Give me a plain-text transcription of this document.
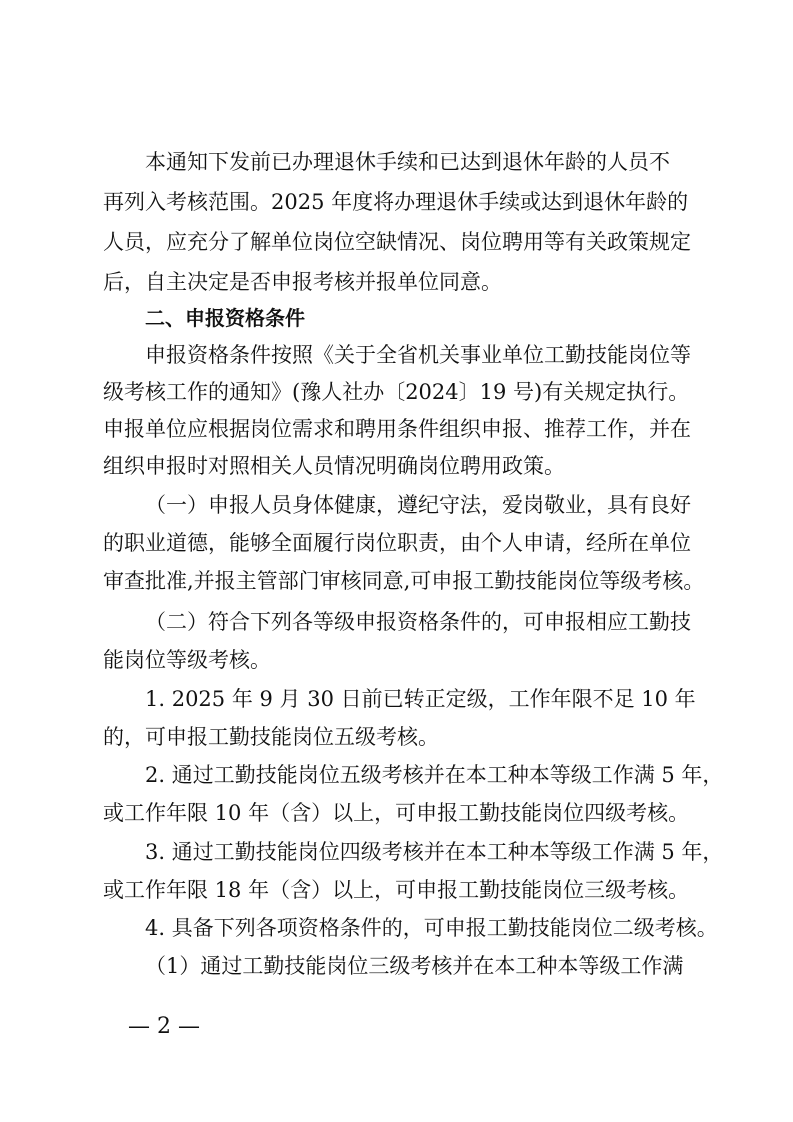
本通知下发前已办理退休手续和已达到退休年龄的人员不
再列入考核范围。2025 年度将办理退休手续或达到退休年龄的
人员，应充分了解单位岗位空缺情况、岗位聘用等有关政策规定
后，自主决定是否申报考核并报单位同意。
二、申报资格条件
申报资格条件按照《关于全省机关事业单位工勤技能岗位等
级考核工作的通知》(豫人社办〔2024〕19 号)有关规定执行。
申报单位应根据岗位需求和聘用条件组织申报、推荐工作，并在
组织申报时对照相关人员情况明确岗位聘用政策。
（一）申报人员身体健康，遵纪守法，爱岗敬业，具有良好
的职业道德，能够全面履行岗位职责，由个人申请，经所在单位
审查批准,并报主管部门审核同意,可申报工勤技能岗位等级考核。
（二）符合下列各等级申报资格条件的，可申报相应工勤技
能岗位等级考核。
1. 2025 年 9 月 30 日前已转正定级，工作年限不足 10 年
的，可申报工勤技能岗位五级考核。
2. 通过工勤技能岗位五级考核并在本工种本等级工作满 5 年，
或工作年限 10 年（含）以上，可申报工勤技能岗位四级考核。
3. 通过工勤技能岗位四级考核并在本工种本等级工作满 5 年，
或工作年限 18 年（含）以上，可申报工勤技能岗位三级考核。
4. 具备下列各项资格条件的，可申报工勤技能岗位二级考核。
（1）通过工勤技能岗位三级考核并在本工种本等级工作满
— 2 —
